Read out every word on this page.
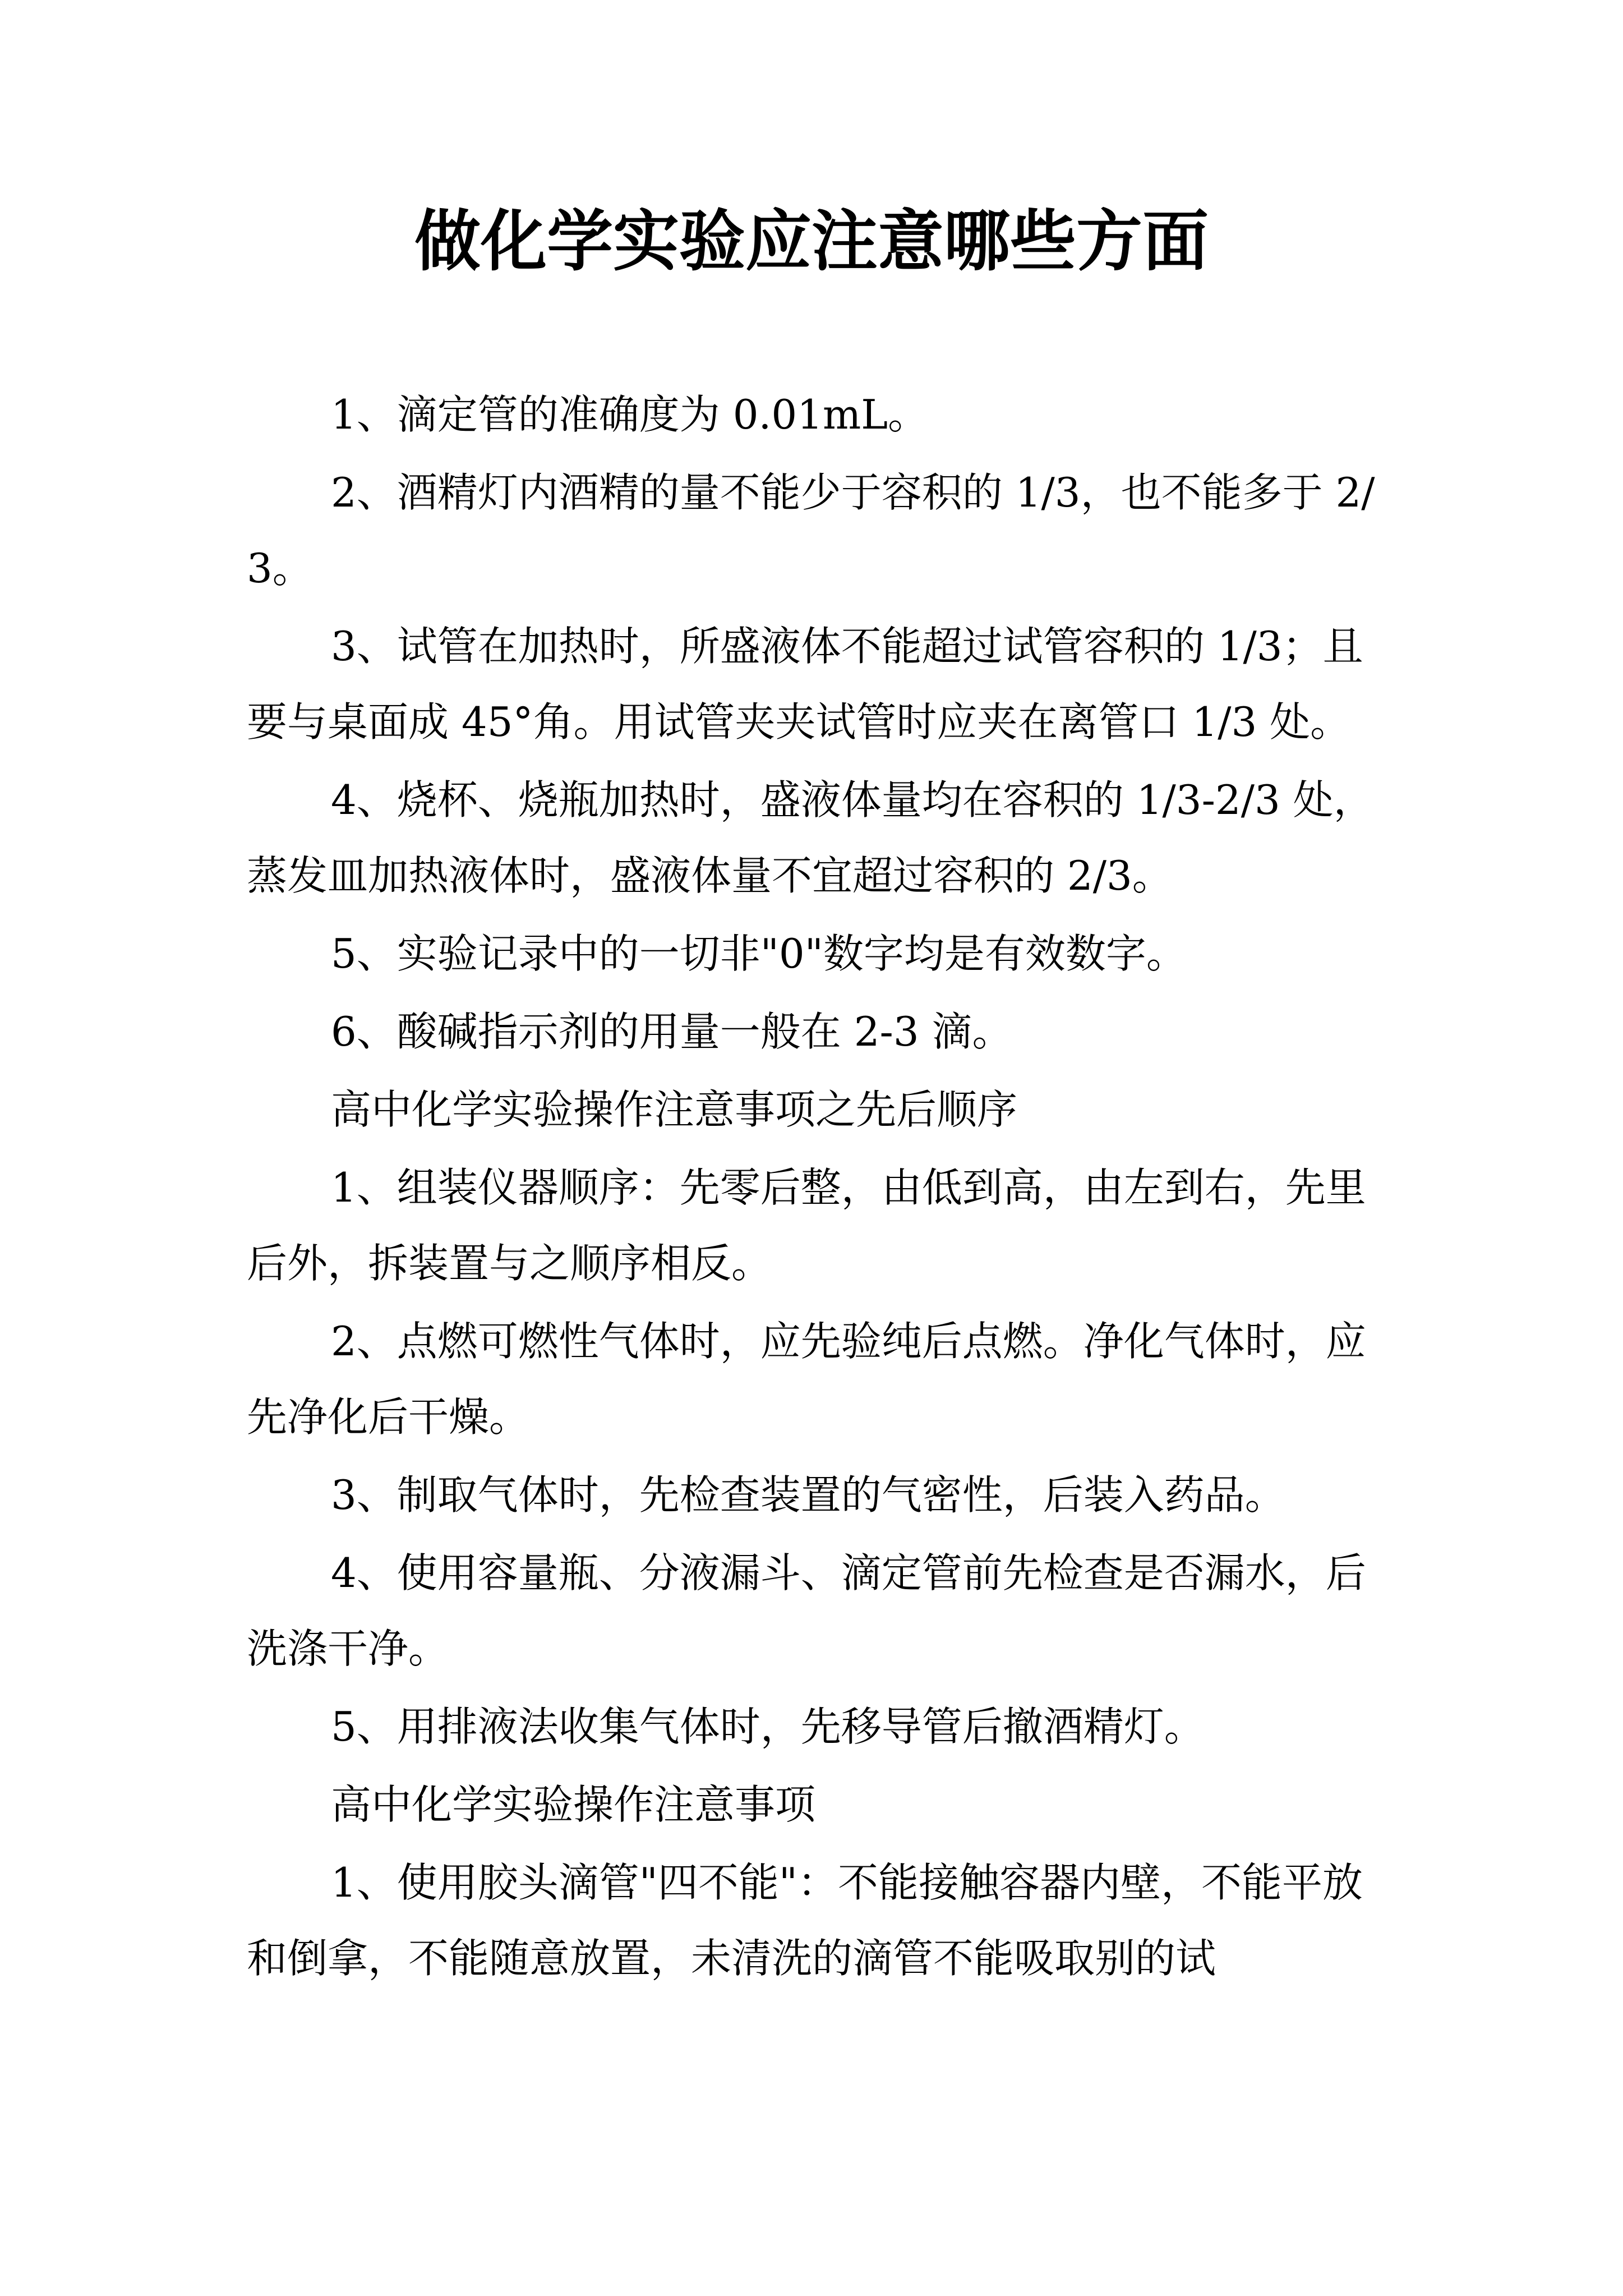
做化学实验应注意哪些方面

1、滴定管的准确度为 0.01mL。

2、酒精灯内酒精的量不能少于容积的 1/3，也不能多于 2/3。

3、试管在加热时，所盛液体不能超过试管容积的 1/3；且要与桌面成 45°角。用试管夹夹试管时应夹在离管口 1/3 处。

4、烧杯、烧瓶加热时，盛液体量均在容积的 1/3-2/3 处，蒸发皿加热液体时，盛液体量不宜超过容积的 2/3。

5、实验记录中的一切非"0"数字均是有效数字。

6、酸碱指示剂的用量一般在 2-3 滴。

高中化学实验操作注意事项之先后顺序

1、组装仪器顺序：先零后整，由低到高，由左到右，先里后外，拆装置与之顺序相反。

2、点燃可燃性气体时，应先验纯后点燃。净化气体时，应先净化后干燥。

3、制取气体时，先检查装置的气密性，后装入药品。

4、使用容量瓶、分液漏斗、滴定管前先检查是否漏水，后洗涤干净。

5、用排液法收集气体时，先移导管后撤酒精灯。

高中化学实验操作注意事项

1、使用胶头滴管"四不能"：不能接触容器内壁，不能平放和倒拿，不能随意放置，未清洗的滴管不能吸取别的试
